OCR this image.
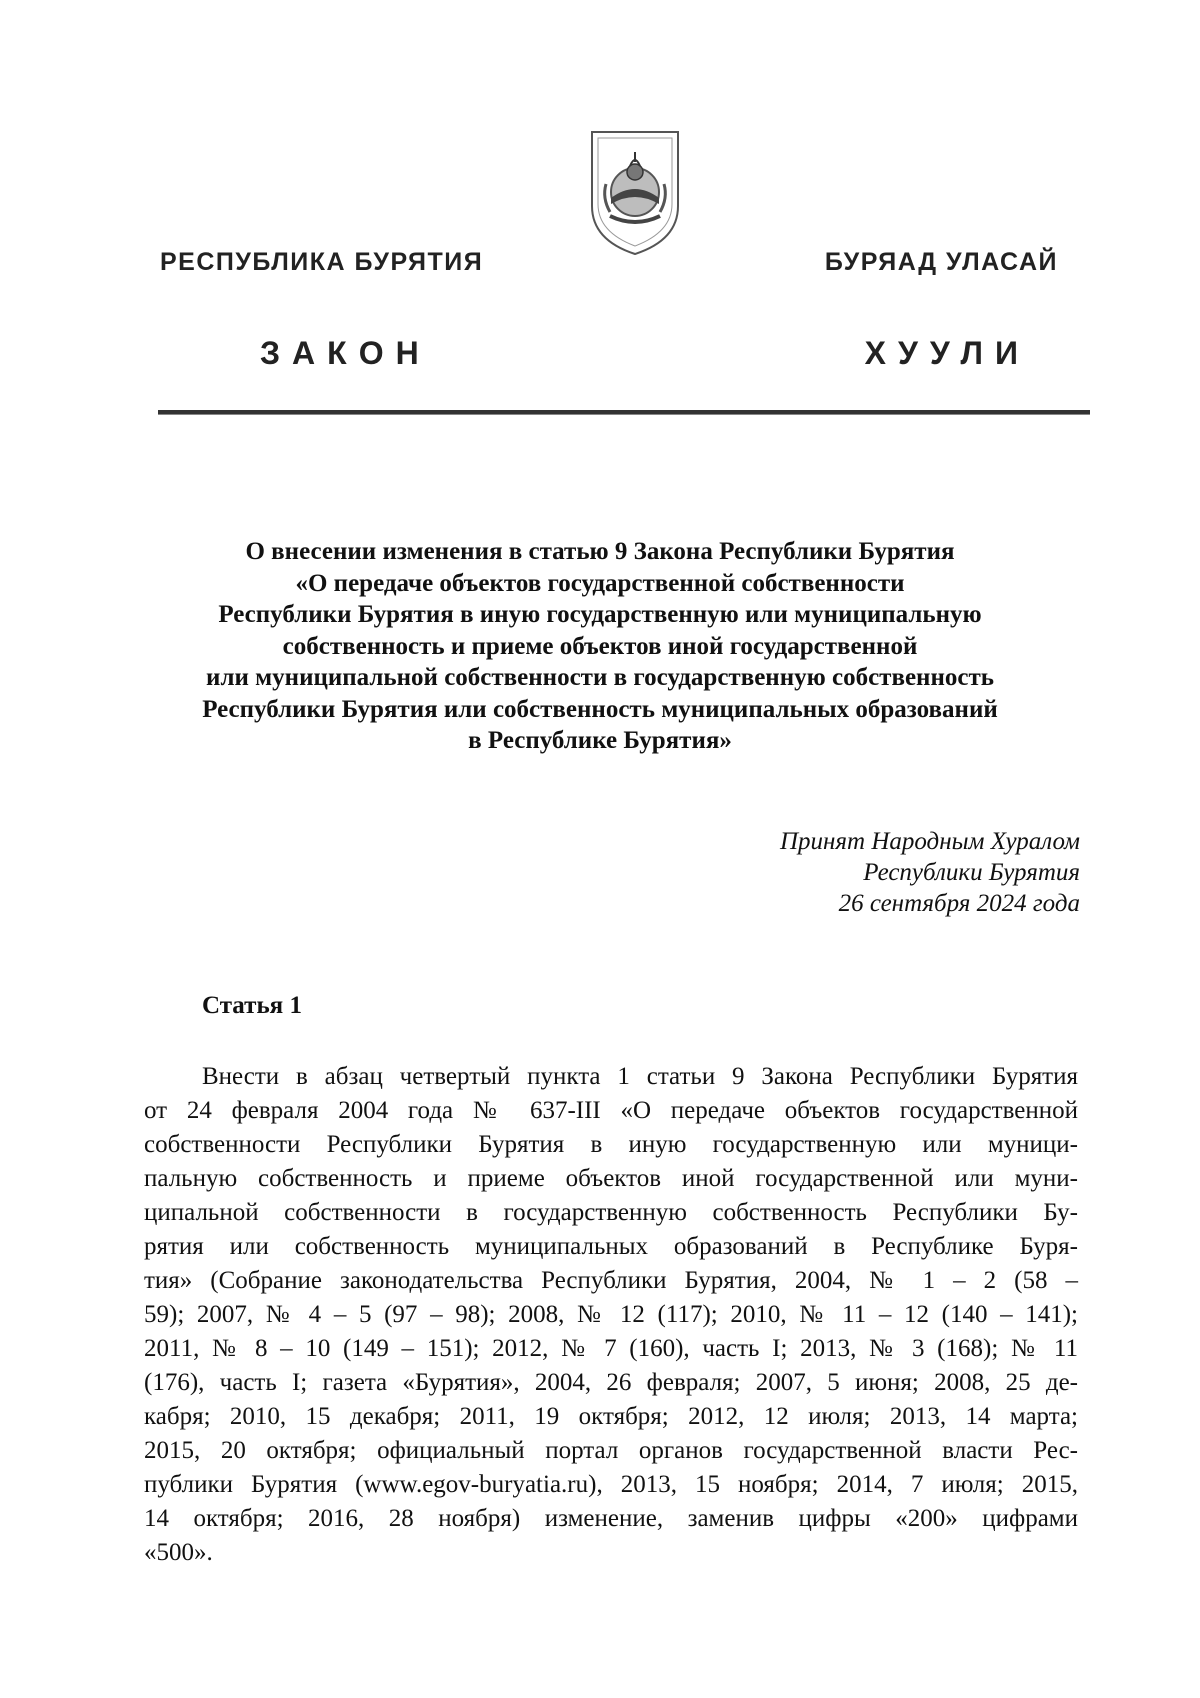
РЕСПУБЛИКА БУРЯТИЯ	БУРЯАД УЛАСАЙ
ЗАКОН	ХУУЛИ
О внесении изменения в статью 9 Закона Республики Бурятия
«О передаче объектов государственной собственности
Республики Бурятия в иную государственную или муниципальную
собственность и приеме объектов иной государственной
или муниципальной собственности в государственную собственность
Республики Бурятия или собственность муниципальных образований
в Республике Бурятия»
Принят Народным Хуралом
Республики Бурятия
26 сентября 2024 года
Статья 1
Внести в абзац четвертый пункта 1 статьи 9 Закона Республики Бурятия
от 24 февраля 2004 года № 637-III «О передаче объектов государственной
собственности Республики Бурятия в иную государственную или муници-
пальную собственность и приеме объектов иной государственной или муни-
ципальной собственности в государственную собственность Республики Бу-
рятия или собственность муниципальных образований в Республике Буря-
тия» (Собрание законодательства Республики Бурятия, 2004, № 1 – 2 (58 –
59); 2007, № 4 – 5 (97 – 98); 2008, № 12 (117); 2010, № 11 – 12 (140 – 141);
2011, № 8 – 10 (149 – 151); 2012, № 7 (160), часть I; 2013, № 3 (168); № 11
(176), часть I; газета «Бурятия», 2004, 26 февраля; 2007, 5 июня; 2008, 25 де-
кабря; 2010, 15 декабря; 2011, 19 октября; 2012, 12 июля; 2013, 14 марта;
2015, 20 октября; официальный портал органов государственной власти Рес-
публики Бурятия (www.egov-buryatia.ru), 2013, 15 ноября; 2014, 7 июля; 2015,
14 октября; 2016, 28 ноября) изменение, заменив цифры «200» цифрами
«500».
